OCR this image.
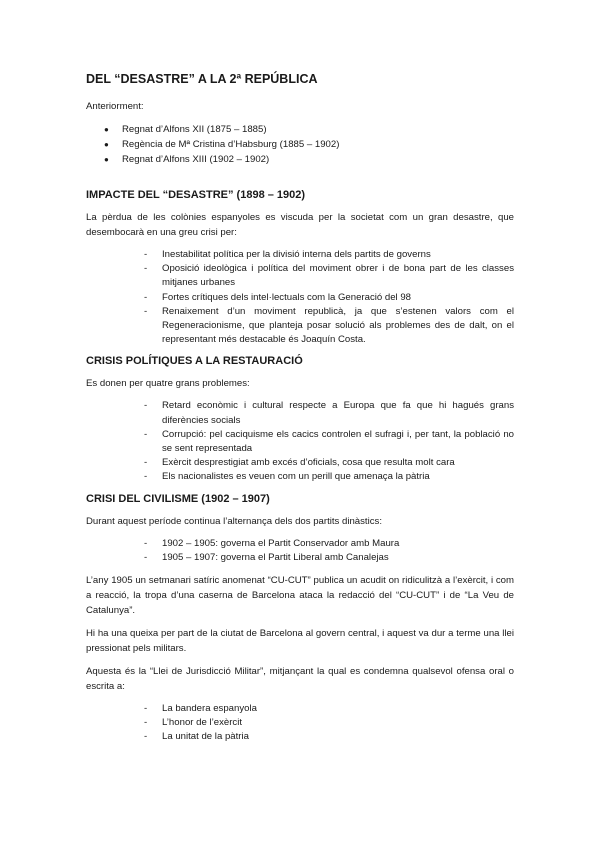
DEL “DESASTRE” A LA 2ª REPÚBLICA

Anteriorment:

● Regnat d’Alfons XII (1875 – 1885)
● Regència de Mª Cristina d’Habsburg (1885 – 1902)
● Regnat d’Alfons XIII (1902 – 1902)
IMPACTE DEL “DESASTRE” (1898 – 1902)

La pèrdua de les colònies espanyoles es viscuda per la societat com un gran desastre, que desembocarà en una greu crisi per:

- Inestabilitat política per la divisió interna dels partits de governs
- Oposició ideològica i política del moviment obrer i de bona part de les classes mitjanes urbanes
- Fortes crítiques dels intel·lectuals com la Generació del 98
- Renaixement d’un moviment republicà, ja que s’estenen valors com el Regeneracionisme, que planteja posar solució als problemes des de dalt, on el representant més destacable és Joaquín Costa.
CRISIS POLÍTIQUES A LA RESTAURACIÓ

Es donen per quatre grans problemes:

- Retard econòmic i cultural respecte a Europa que fa que hi hagués grans diferències socials
- Corrupció: pel caciquisme els cacics controlen el sufragi i, per tant, la població no se sent representada
- Exèrcit desprestigiat amb excés d’oficials, cosa que resulta molt cara
- Els nacionalistes es veuen com un perill que amenaça la pàtria
CRISI DEL CIVILISME (1902 – 1907)

Durant aquest període continua l’alternança dels dos partits dinàstics:

- 1902 – 1905: governa el Partit Conservador amb Maura
- 1905 – 1907: governa el Partit Liberal amb Canalejas

L’any 1905 un setmanari satíric anomenat “CU-CUT” publica un acudit on ridiculitzà a l’exèrcit, i com a reacció, la tropa d’una caserna de Barcelona ataca la redacció del “CU-CUT” i de “La Veu de Catalunya”.

Hi ha una queixa per part de la ciutat de Barcelona al govern central, i aquest va dur a terme una llei pressionat pels militars.

Aquesta és la “Llei de Jurisdicció Militar”, mitjançant la qual es condemna qualsevol ofensa oral o escrita a:

- La bandera espanyola
- L’honor de l’exèrcit
- La unitat de la pàtria
